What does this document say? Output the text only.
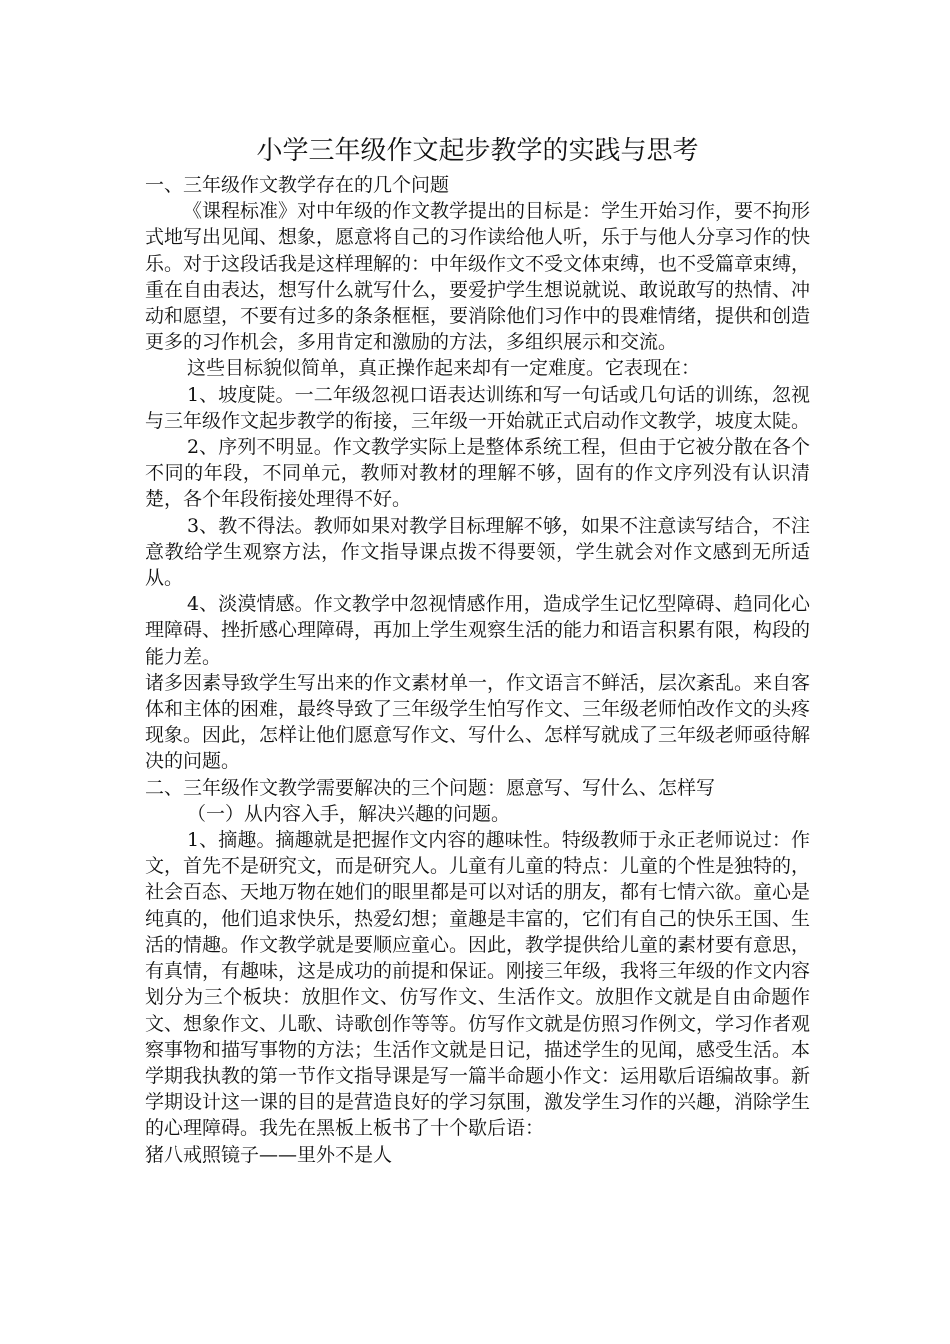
小学三年级作文起步教学的实践与思考

一、三年级作文教学存在的几个问题

《课程标准》对中年级的作文教学提出的目标是：学生开始习作，要不拘形式地写出见闻、想象，愿意将自己的习作读给他人听，乐于与他人分享习作的快乐。对于这段话我是这样理解的：中年级作文不受文体束缚，也不受篇章束缚，重在自由表达，想写什么就写什么，要爱护学生想说就说、敢说敢写的热情、冲动和愿望，不要有过多的条条框框，要消除他们习作中的畏难情绪，提供和创造更多的习作机会，多用肯定和激励的方法，多组织展示和交流。

这些目标貌似简单，真正操作起来却有一定难度。它表现在：

1、坡度陡。一二年级忽视口语表达训练和写一句话或几句话的训练，忽视与三年级作文起步教学的衔接，三年级一开始就正式启动作文教学，坡度太陡。

2、序列不明显。作文教学实际上是整体系统工程，但由于它被分散在各个不同的年段，不同单元，教师对教材的理解不够，固有的作文序列没有认识清楚，各个年段衔接处理得不好。

3、教不得法。教师如果对教学目标理解不够，如果不注意读写结合，不注意教给学生观察方法，作文指导课点拨不得要领，学生就会对作文感到无所适从。

4、淡漠情感。作文教学中忽视情感作用，造成学生记忆型障碍、趋同化心理障碍、挫折感心理障碍，再加上学生观察生活的能力和语言积累有限，构段的能力差。

诸多因素导致学生写出来的作文素材单一，作文语言不鲜活，层次紊乱。来自客体和主体的困难，最终导致了三年级学生怕写作文、三年级老师怕改作文的头疼现象。因此，怎样让他们愿意写作文、写什么、怎样写就成了三年级老师亟待解决的问题。

二、三年级作文教学需要解决的三个问题：愿意写、写什么、怎样写

（一）从内容入手，解决兴趣的问题。

1、摘趣。摘趣就是把握作文内容的趣味性。特级教师于永正老师说过：作文，首先不是研究文，而是研究人。儿童有儿童的特点：儿童的个性是独特的，社会百态、天地万物在她们的眼里都是可以对话的朋友，都有七情六欲。童心是纯真的，他们追求快乐，热爱幻想；童趣是丰富的，它们有自己的快乐王国、生活的情趣。作文教学就是要顺应童心。因此，教学提供给儿童的素材要有意思，有真情，有趣味，这是成功的前提和保证。刚接三年级，我将三年级的作文内容划分为三个板块：放胆作文、仿写作文、生活作文。放胆作文就是自由命题作文、想象作文、儿歌、诗歌创作等等。仿写作文就是仿照习作例文，学习作者观察事物和描写事物的方法；生活作文就是日记，描述学生的见闻，感受生活。本学期我执教的第一节作文指导课是写一篇半命题小作文：运用歇后语编故事。新学期设计这一课的目的是营造良好的学习氛围，激发学生习作的兴趣，消除学生的心理障碍。我先在黑板上板书了十个歇后语：

猪八戒照镜子——里外不是人
